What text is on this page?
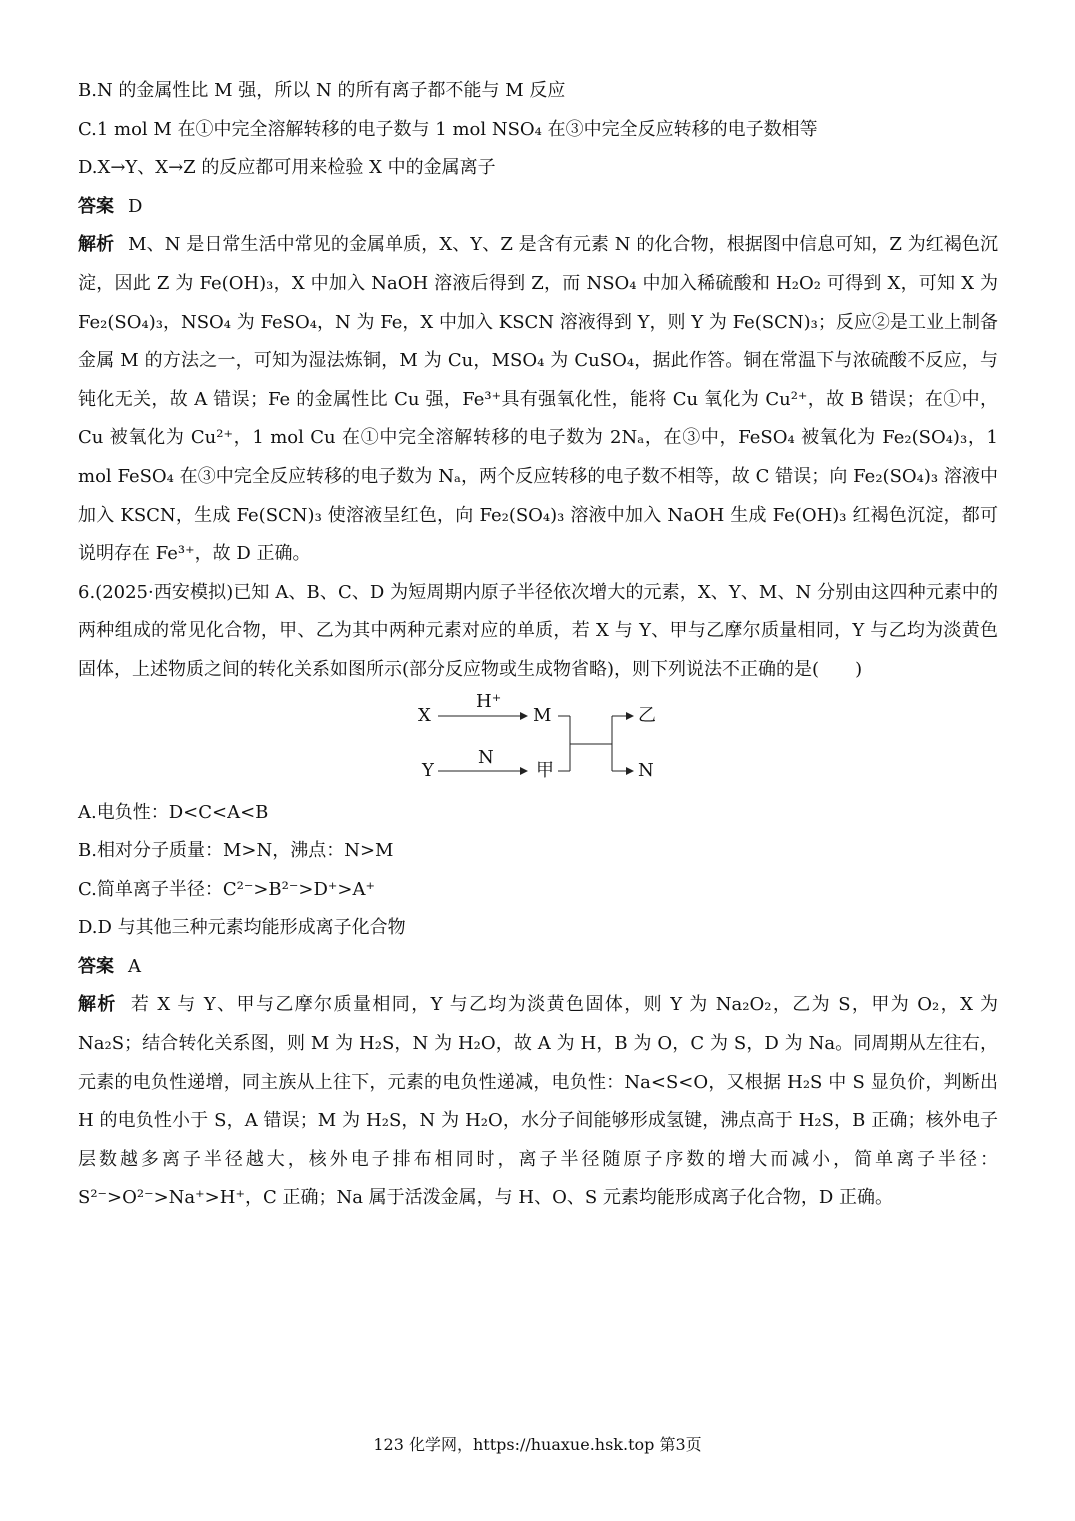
B.N 的金属性比 M 强，所以 N 的所有离子都不能与 M 反应
C.1 mol M 在①中完全溶解转移的电子数与 1 mol NSO₄ 在③中完全反应转移的电子数相等
D.X→Y、X→Z 的反应都可用来检验 X 中的金属离子
答案 D
解析 M、N 是日常生活中常见的金属单质，X、Y、Z 是含有元素 N 的化合物，根据图中信息可知，Z 为红褐色沉淀，因此 Z 为 Fe(OH)₃，X 中加入 NaOH 溶液后得到 Z，而 NSO₄ 中加入稀硫酸和 H₂O₂ 可得到 X，可知 X 为 Fe₂(SO₄)₃，NSO₄ 为 FeSO₄，N 为 Fe，X 中加入 KSCN 溶液得到 Y，则 Y 为 Fe(SCN)₃；反应②是工业上制备金属 M 的方法之一，可知为湿法炼铜，M 为 Cu，MSO₄ 为 CuSO₄，据此作答。铜在常温下与浓硫酸不反应，与钝化无关，故 A 错误；Fe 的金属性比 Cu 强，Fe³⁺具有强氧化性，能将 Cu 氧化为 Cu²⁺，故 B 错误；在①中，Cu 被氧化为 Cu²⁺，1 mol Cu 在①中完全溶解转移的电子数为 2Nₐ，在③中，FeSO₄ 被氧化为 Fe₂(SO₄)₃，1 mol FeSO₄ 在③中完全反应转移的电子数为 Nₐ，两个反应转移的电子数不相等，故 C 错误；向 Fe₂(SO₄)₃ 溶液中加入 KSCN，生成 Fe(SCN)₃ 使溶液呈红色，向 Fe₂(SO₄)₃ 溶液中加入 NaOH 生成 Fe(OH)₃ 红褐色沉淀，都可说明存在 Fe³⁺，故 D 正确。
6.(2025·西安模拟)已知 A、B、C、D 为短周期内原子半径依次增大的元素，X、Y、M、N 分别由这四种元素中的两种组成的常见化合物，甲、乙为其中两种元素对应的单质，若 X 与 Y、甲与乙摩尔质量相同，Y 与乙均为淡黄色固体，上述物质之间的转化关系如图所示(部分反应物或生成物省略)，则下列说法不正确的是(　　)
X
H⁺
M	乙
Y
N
甲	N
A.电负性：D<C<A<B
B.相对分子质量：M>N，沸点：N>M
C.简单离子半径：C²⁻>B²⁻>D⁺>A⁺
D.D 与其他三种元素均能形成离子化合物
答案 A
解析 若 X 与 Y、甲与乙摩尔质量相同，Y 与乙均为淡黄色固体，则 Y 为 Na₂O₂，乙为 S，甲为 O₂，X 为 Na₂S；结合转化关系图，则 M 为 H₂S，N 为 H₂O，故 A 为 H，B 为 O，C 为 S，D 为 Na。同周期从左往右，元素的电负性递增，同主族从上往下，元素的电负性递减，电负性：Na<S<O，又根据 H₂S 中 S 显负价，判断出 H 的电负性小于 S，A 错误；M 为 H₂S，N 为 H₂O，水分子间能够形成氢键，沸点高于 H₂S，B 正确；核外电子层数越多离子半径越大，核外电子排布相同时，离子半径随原子序数的增大而减小，简单离子半径：S²⁻>O²⁻>Na⁺>H⁺，C 正确；Na 属于活泼金属，与 H、O、S 元素均能形成离子化合物，D 正确。
123 化学网，https://huaxue.hsk.top 第3页
